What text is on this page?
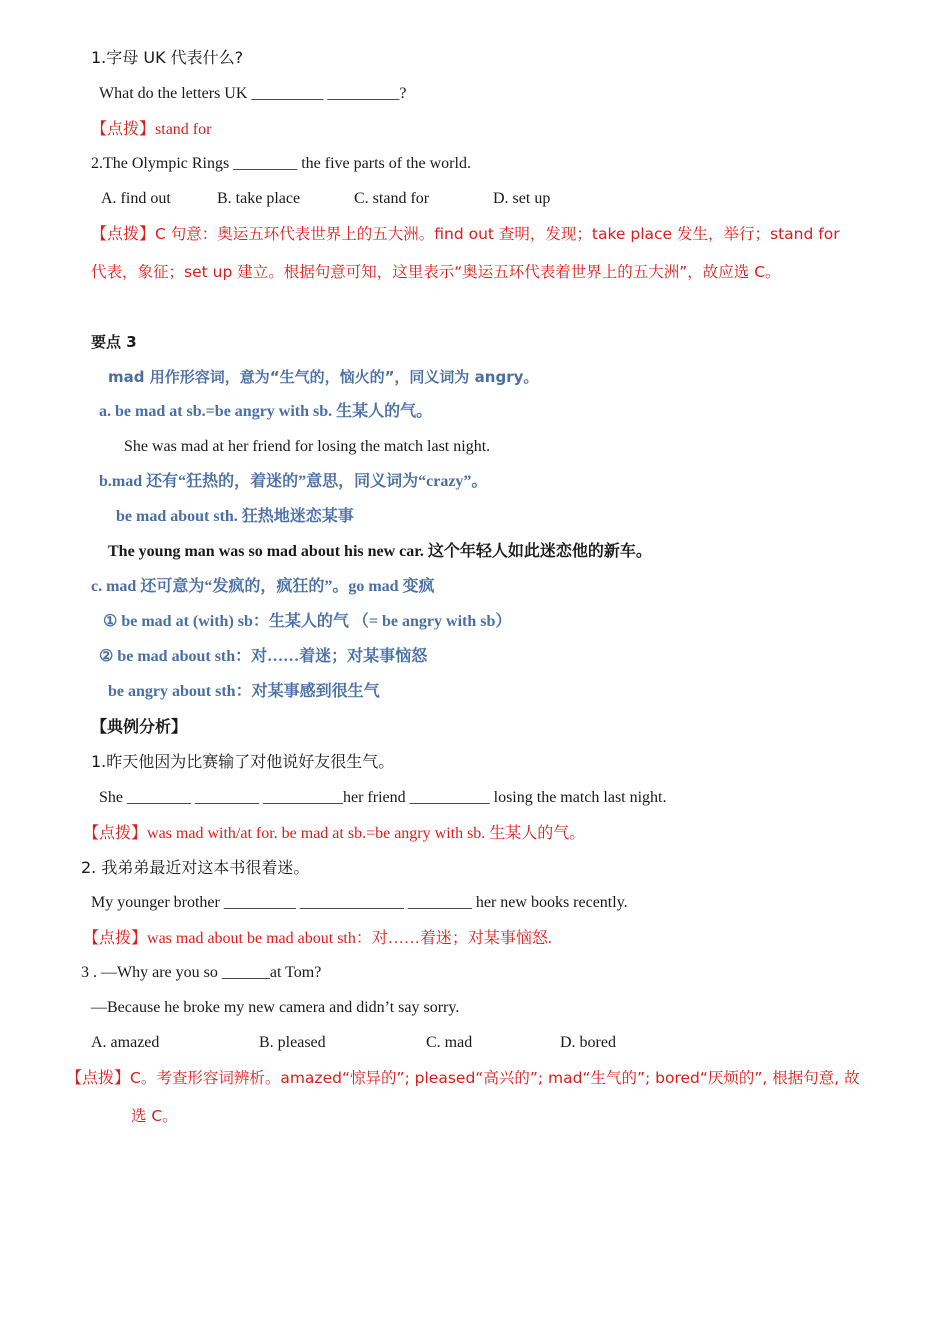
1.字母 UK 代表什么?
What do the letters UK _________ _________?
【点拨】stand for
2.The Olympic Rings ________ the five parts of the world.
A. find out	B. take place	C. stand for	D. set up
【点拨】C 句意：奥运五环代表世界上的五大洲。find out 查明，发现；take place 发生，举行；stand for
代表，象征；set up 建立。根据句意可知，这里表示“奥运五环代表着世界上的五大洲”，故应选 C。
要点 3
mad 用作形容词，意为“生气的，恼火的”，同义词为 angry。
a. be mad at sb.=be angry with sb. 生某人的气。
She was mad at her friend for losing the match last night.
b.mad 还有“狂热的，着迷的”意思，同义词为“crazy”。
be mad about sth. 狂热地迷恋某事
The young man was so mad about his new car. 这个年轻人如此迷恋他的新车。
c. mad 还可意为“发疯的，疯狂的”。go mad 变疯
① be mad at (with) sb：生某人的气 （= be angry with sb）
② be mad about sth：对……着迷；对某事恼怒
be angry about sth：对某事感到很生气
【典例分析】
1.昨天他因为比赛输了对他说好友很生气。
She ________ ________ __________her friend __________ losing the match last night.
【点拨】was mad with/at for. be mad at sb.=be angry with sb. 生某人的气。
2. 我弟弟最近对这本书很着迷。
My younger brother _________ _____________ ________ her new books recently.
【点拨】was mad about be mad about sth：对……着迷；对某事恼怒.
3 . —Why are you so ______at Tom?
—Because he broke my new camera and didn’t say sorry.
A. amazed	B. pleased	C. mad	D. bored
【点拨】C。考查形容词辨析。amazed“惊异的”; pleased“高兴的”; mad“生气的”; bored“厌烦的”, 根据句意, 故
选 C。
